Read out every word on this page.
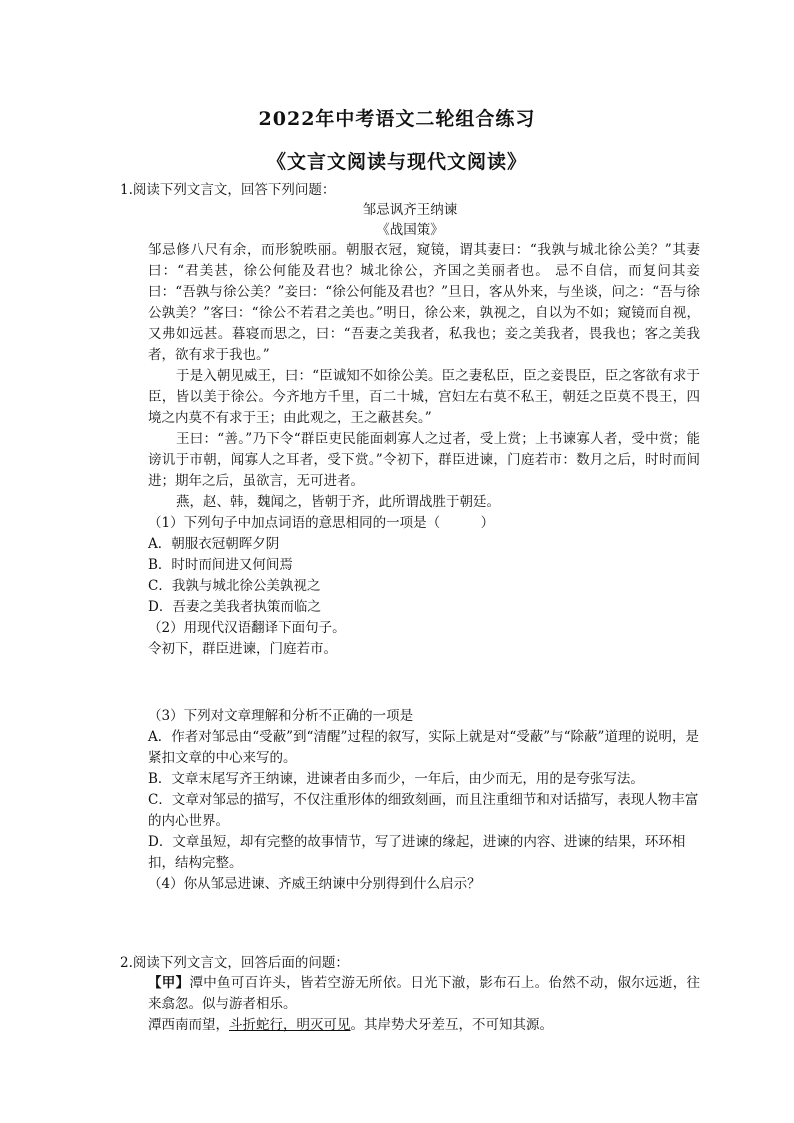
2022年中考语文二轮组合练习
《文言文阅读与现代文阅读》

1.阅读下列文言文，回答下列问题：

邹忌讽齐王纳谏
《战国策》

邹忌修八尺有余，而形貌昳丽。朝服衣冠，窥镜，谓其妻曰：“我孰与城北徐公美？”其妻曰：“君美甚，徐公何能及君也？城北徐公，齐国之美丽者也。 忌不自信，而复问其妾曰：“吾孰与徐公美？”妾曰：“徐公何能及君也？”旦日，客从外来，与坐谈，问之：“吾与徐公孰美？”客曰：“徐公不若君之美也。”明日，徐公来，孰视之，自以为不如；窥镜而自视，又弗如远甚。暮寝而思之，曰：“吾妻之美我者，私我也；妾之美我者，畏我也；客之美我者，欲有求于我也。”

于是入朝见威王，曰：“臣诚知不如徐公美。臣之妻私臣，臣之妾畏臣，臣之客欲有求于臣，皆以美于徐公。今齐地方千里，百二十城，宫妇左右莫不私王，朝廷之臣莫不畏王，四境之内莫不有求于王；由此观之，王之蔽甚矣。”

王曰：“善。”乃下令“群臣吏民能面刺寡人之过者，受上赏；上书谏寡人者，受中赏；能谤讥于市朝，闻寡人之耳者，受下赏。”令初下，群臣进谏，门庭若市：数月之后，时时而间进；期年之后，虽欲言，无可进者。

燕，赵、韩，魏闻之，皆朝于齐，此所谓战胜于朝廷。

（1）下列句子中加点词语的意思相同的一项是（　　　）

A．朝服衣冠朝晖夕阴

B．时时而间进又何间焉

C．我孰与城北徐公美孰视之

D．吾妻之美我者执策而临之

（2）用现代汉语翻译下面句子。

令初下，群臣进谏，门庭若市。

（3）下列对文章理解和分析不正确的一项是

A．作者对邹忌由“受蔽”到“清醒”过程的叙写，实际上就是对“受蔽”与“除蔽”道理的说明，是紧扣文章的中心来写的。

B．文章末尾写齐王纳谏，进谏者由多而少，一年后，由少而无，用的是夸张写法。

C．文章对邹忌的描写，不仅注重形体的细致刻画，而且注重细节和对话描写，表现人物丰富的内心世界。

D．文章虽短，却有完整的故事情节，写了进谏的缘起，进谏的内容、进谏的结果，环环相扣，结构完整。

（4）你从邹忌进谏、齐威王纳谏中分别得到什么启示？

2.阅读下列文言文，回答后面的问题：

【甲】潭中鱼可百许头，皆若空游无所依。日光下澈，影布石上。佁然不动，俶尔远逝，往来翕忽。似与游者相乐。

潭西南而望，斗折蛇行，明灭可见。其岸势犬牙差互，不可知其源。
